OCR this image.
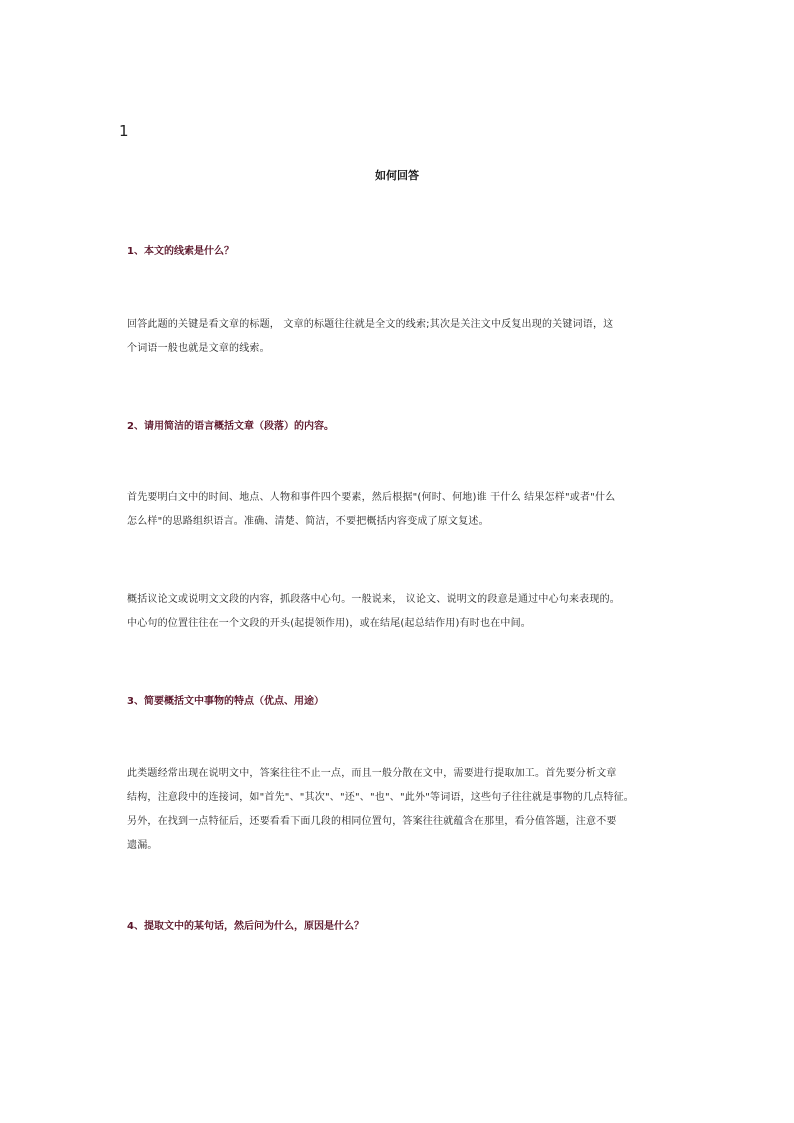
1
如何回答
1、本文的线索是什么？
回答此题的关键是看文章的标题， 文章的标题往往就是全文的线索;其次是关注文中反复出现的关键词语，这
个词语一般也就是文章的线索。
2、请用简洁的语言概括文章（段落）的内容。
首先要明白文中的时间、地点、人物和事件四个要素，然后根据"(何时、何地)谁 干什么 结果怎样"或者"什么
怎么样"的思路组织语言。准确、清楚、简洁，不要把概括内容变成了原文复述。
概括议论文或说明文文段的内容，抓段落中心句。一般说来， 议论文、说明文的段意是通过中心句来表现的。
中心句的位置往往在一个文段的开头(起提领作用)，或在结尾(起总结作用)有时也在中间。
3、简要概括文中事物的特点（优点、用途）
此类题经常出现在说明文中，答案往往不止一点，而且一般分散在文中，需要进行提取加工。首先要分析文章
结构，注意段中的连接词，如"首先"、"其次"、"还"、"也"、"此外"等词语，这些句子往往就是事物的几点特征。
另外，在找到一点特征后，还要看看下面几段的相同位置句，答案往往就蕴含在那里，看分值答题，注意不要
遗漏。
4、提取文中的某句话，然后问为什么，原因是什么？
